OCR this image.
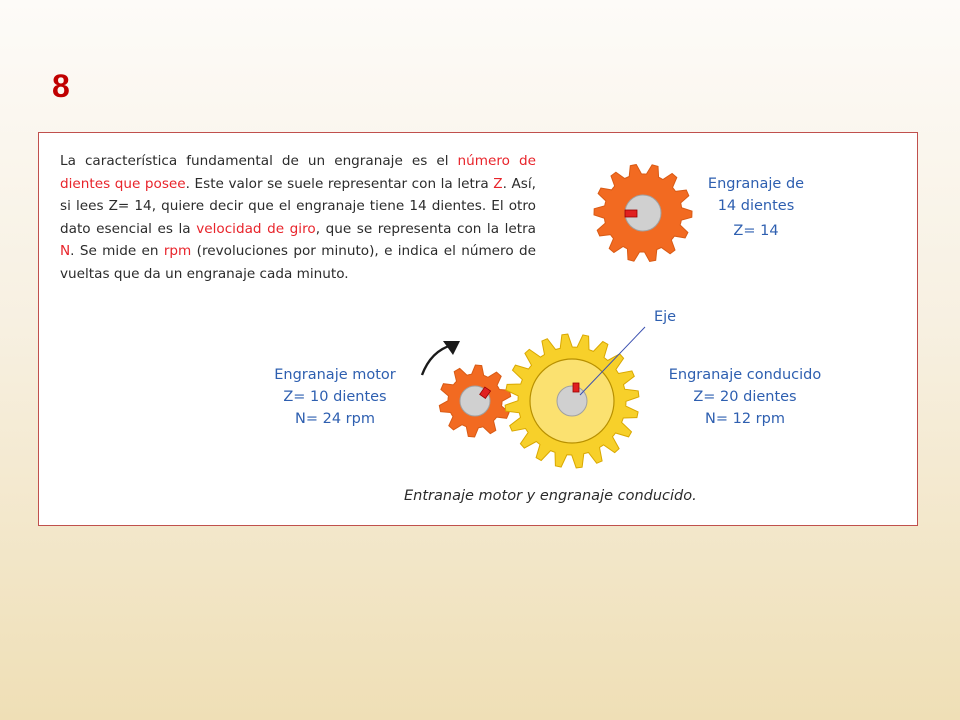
8
La característica fundamental de un engranaje es el número de dientes que posee. Este valor se suele representar con la letra Z. Así, si lees Z= 14, quiere decir que el engranaje tiene 14 dientes. El otro dato esencial es la velocidad de giro, que se representa con la letra N. Se mide en rpm (revoluciones por minuto), e indica el número de vueltas que da un engranaje cada minuto.
Engranaje de
14 dientes
Z= 14
Eje
Engranaje motor
Z= 10 dientes
N= 24 rpm
Engranaje conducido
Z= 20 dientes
N= 12 rpm
Entranaje motor y engranaje conducido.
